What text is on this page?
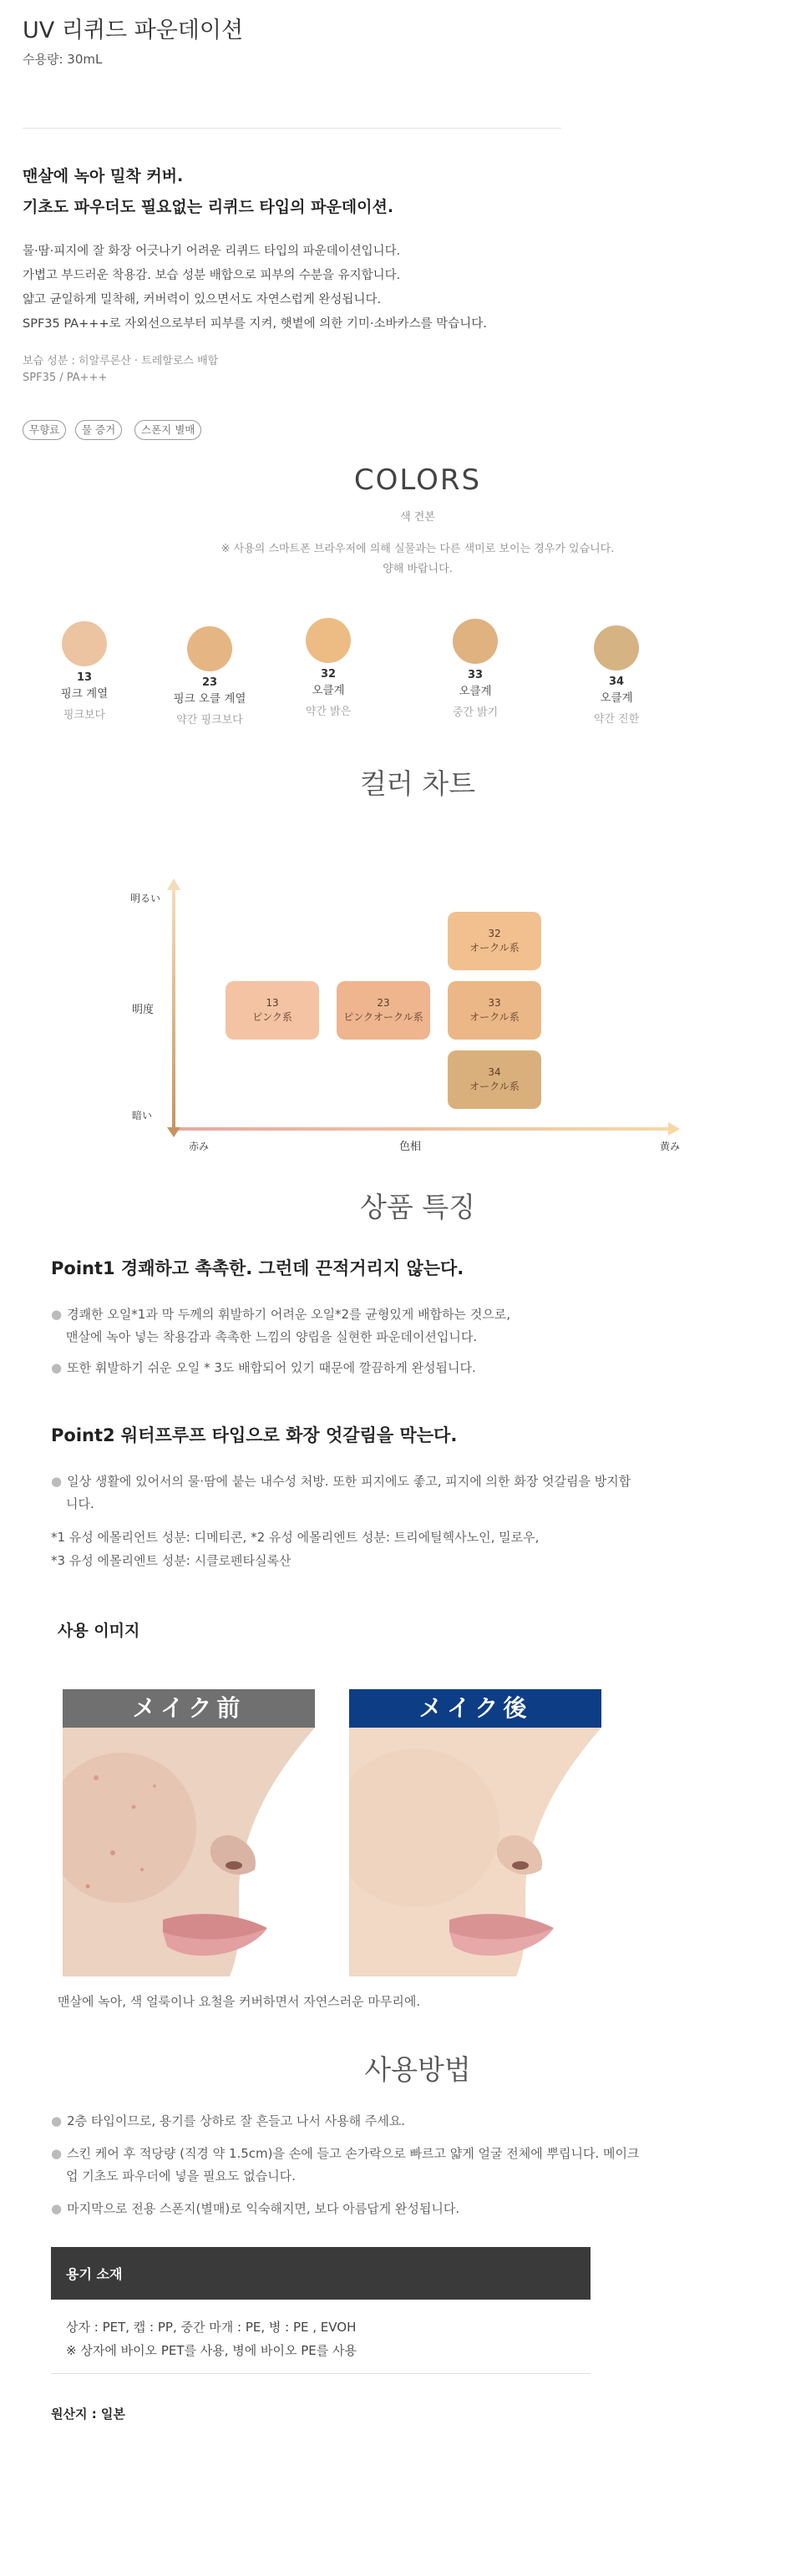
UV 리퀴드 파운데이션
수용량: 30mL
맨살에 녹아 밀착 커버.
기초도 파우더도 필요없는 리퀴드 타입의 파운데이션.
물·땀·피지에 잘 화장 어긋나기 어려운 리퀴드 타입의 파운데이션입니다.
가볍고 부드러운 착용감. 보습 성분 배합으로 피부의 수분을 유지합니다.
얇고 균일하게 밀착해, 커버력이 있으면서도 자연스럽게 완성됩니다.
SPF35 PA+++로 자외선으로부터 피부를 지켜, 햇볕에 의한 기미·소바카스를 막습니다.
보습 성분 : 히알루론산 · 트레할로스 배합
SPF35 / PA+++
무향료	물 증거	스폰지 별매
COLORS
색 견본
※ 사용의 스마트폰 브라우저에 의해 실물과는 다른 색미로 보이는 경우가 있습니다.
양해 바랍니다.
13
핑크 계열
핑크보다
23
핑크 오클 계열
약간 핑크보다
32
오클계
약간 밝은
33
오클계
중간 밝기
34
오클계
약간 진한
컬러 차트
明るい
明度
暗い
赤み	色相	黄み
13
ピンク系
23
ピンクオークル系
32
オークル系
33
オークル系
34
オークル系
상품 특징
Point1 경쾌하고 촉촉한. 그런데 끈적거리지 않는다.
● 경쾌한 오일*1과 막 두께의 휘발하기 어려운 오일*2를 균형있게 배합하는 것으로,
맨살에 녹아 넣는 착용감과 촉촉한 느낌의 양립을 실현한 파운데이션입니다.
● 또한 휘발하기 쉬운 오일 * 3도 배합되어 있기 때문에 깔끔하게 완성됩니다.
Point2 워터프루프 타입으로 화장 엇갈림을 막는다.
● 일상 생활에 있어서의 물·땀에 붙는 내수성 처방. 또한 피지에도 좋고, 피지에 의한 화장 엇갈림을 방지합
니다.
*1 유성 에몰리언트 성분: 디메티콘, *2 유성 에몰리엔트 성분: 트리에틸헥사노인, 밀로우,
*3 유성 에몰리엔트 성분: 시클로펜타실록산
사용 이미지
メイク前	メイク後
맨살에 녹아, 색 얼룩이나 요철을 커버하면서 자연스러운 마무리에.
사용방법
● 2층 타입이므로, 용기를 상하로 잘 흔들고 나서 사용해 주세요.
● 스킨 케어 후 적당량 (직경 약 1.5cm)을 손에 들고 손가락으로 빠르고 얇게 얼굴 전체에 뿌립니다. 메이크
업 기초도 파우더에 넣을 필요도 없습니다.
● 마지막으로 전용 스폰지(별매)로 익숙해지면, 보다 아름답게 완성됩니다.
용기 소재
상자 : PET, 캡 : PP, 중간 마개 : PE, 병 : PE , EVOH
※ 상자에 바이오 PET를 사용, 병에 바이오 PE를 사용
원산지 : 일본
